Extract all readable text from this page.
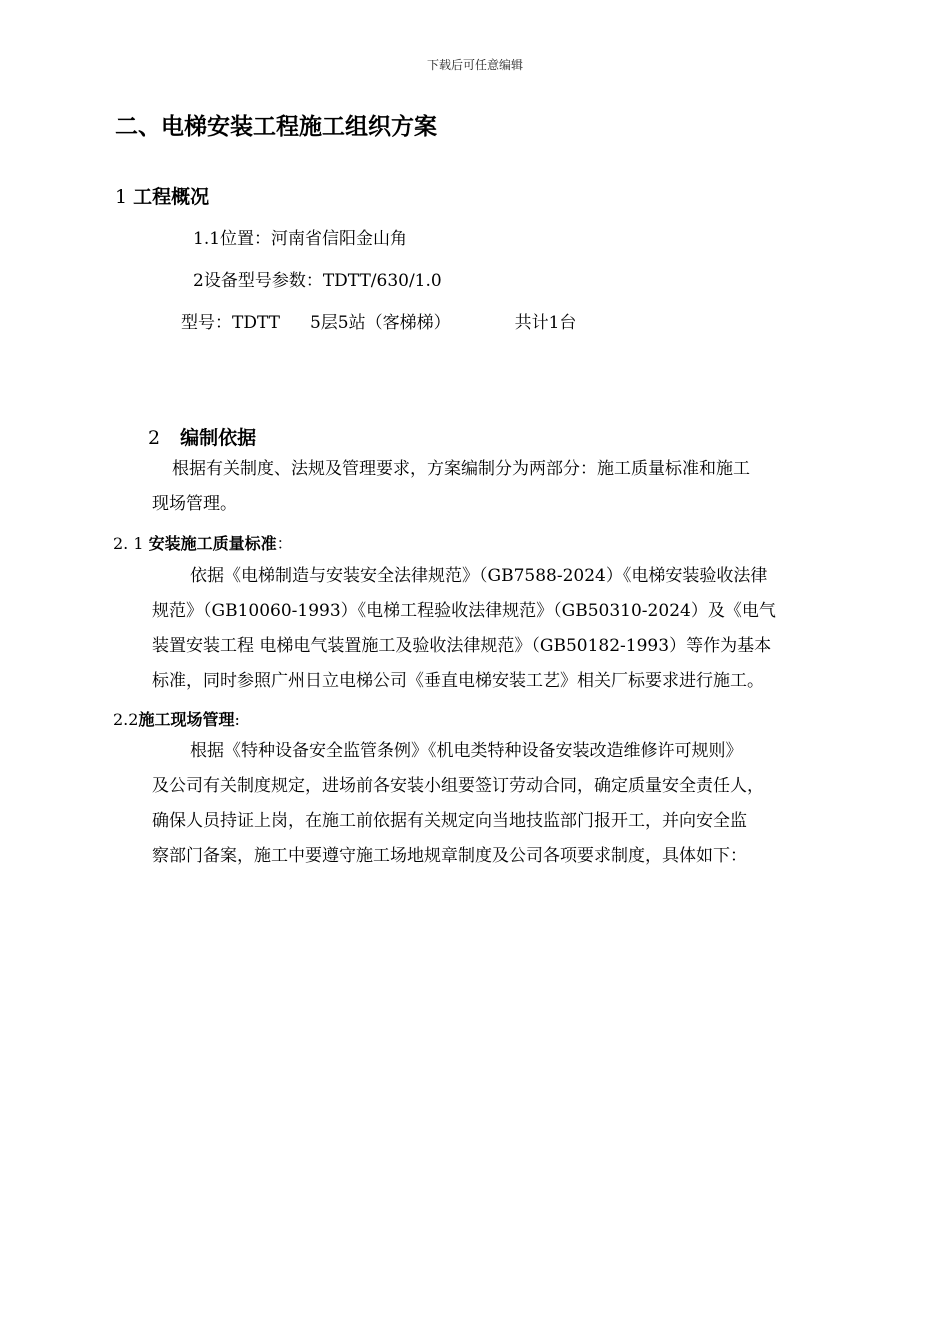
下载后可任意编辑
二、电梯安装工程施工组织方案
1 工程概况
1.1位置：河南省信阳金山角
2设备型号参数：TDTT/630/1.0
型号：TDTT 5层5站（客梯梯）	共计1台
2 编制依据
根据有关制度、法规及管理要求，方案编制分为两部分：施工质量标准和施工
现场管理。
2. 1 安装施工质量标准：
依据《电梯制造与安装安全法律规范》（GB7588-2024）《电梯安装验收法律
规范》（GB10060-1993）《电梯工程验收法律规范》（GB50310-2024）及《电气
装置安装工程 电梯电气装置施工及验收法律规范》（GB50182-1993）等作为基本
标准，同时参照广州日立电梯公司《垂直电梯安装工艺》相关厂标要求进行施工。
2.2施工现场管理:
根据《特种设备安全监管条例》《机电类特种设备安装改造维修许可规则》
及公司有关制度规定，进场前各安装小组要签订劳动合同，确定质量安全责任人，
确保人员持证上岗，在施工前依据有关规定向当地技监部门报开工，并向安全监
察部门备案，施工中要遵守施工场地规章制度及公司各项要求制度，具体如下：
